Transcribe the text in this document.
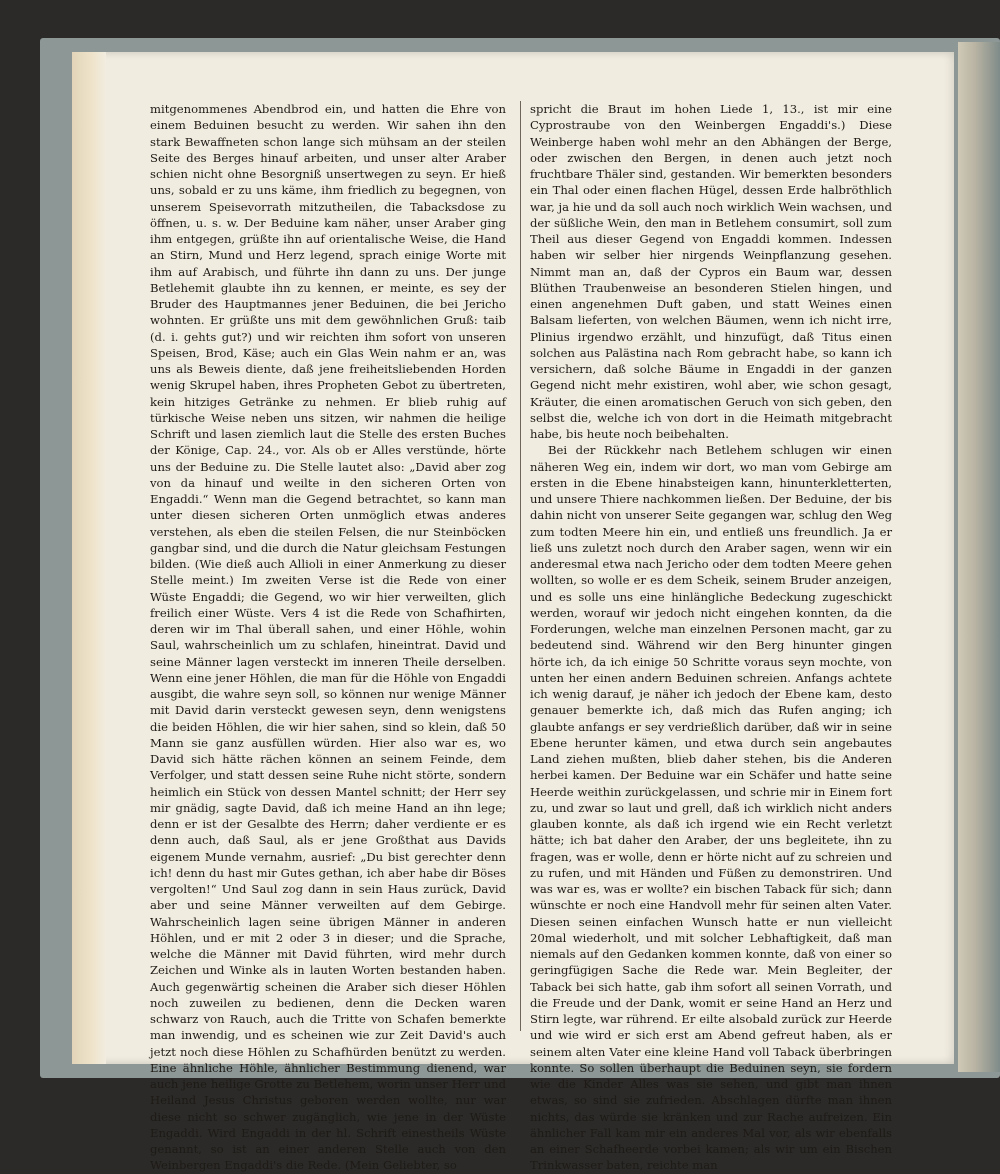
mitgenommenes Abendbrod ein, und hatten die Ehre von einem Beduinen besucht zu werden. Wir sahen ihn den stark Bewaffneten schon lange sich mühsam an der steilen Seite des Berges hinauf arbeiten, und unser alter Araber schien nicht ohne Besorgniß unsertwegen zu seyn. Er hieß uns, sobald er zu uns käme, ihm friedlich zu begegnen, von unserem Speisevorrath mitzutheilen, die Tabacksdose zu öffnen, u. s. w. Der Beduine kam näher, unser Araber ging ihm entgegen, grüßte ihn auf orientalische Weise, die Hand an Stirn, Mund und Herz legend, sprach einige Worte mit ihm auf Arabisch, und führte ihn dann zu uns. Der junge Betlehemit glaubte ihn zu kennen, er meinte, es sey der Bruder des Hauptmannes jener Beduinen, die bei Jericho wohnten. Er grüßte uns mit dem gewöhnlichen Gruß: taib (d. i. gehts gut?) und wir reichten ihm sofort von unseren Speisen, Brod, Käse; auch ein Glas Wein nahm er an, was uns als Beweis diente, daß jene freiheitsliebenden Horden wenig Skrupel haben, ihres Propheten Gebot zu übertreten, kein hitziges Getränke zu nehmen. Er blieb ruhig auf türkische Weise neben uns sitzen, wir nahmen die heilige Schrift und lasen ziemlich laut die Stelle des ersten Buches der Könige, Cap. 24., vor. Als ob er Alles verstünde, hörte uns der Beduine zu. Die Stelle lautet also: „David aber zog von da hinauf und weilte in den sicheren Orten von Engaddi.“ Wenn man die Gegend betrachtet, so kann man unter diesen sicheren Orten unmöglich etwas anderes verstehen, als eben die steilen Felsen, die nur Steinböcken gangbar sind, und die durch die Natur gleichsam Festungen bilden. (Wie dieß auch Allioli in einer Anmerkung zu dieser Stelle meint.) Im zweiten Verse ist die Rede von einer Wüste Engaddi; die Gegend, wo wir hier verweilten, glich freilich einer Wüste. Vers 4 ist die Rede von Schafhirten, deren wir im Thal überall sahen, und einer Höhle, wohin Saul, wahrscheinlich um zu schlafen, hineintrat. David und seine Männer lagen versteckt im inneren Theile derselben. Wenn eine jener Höhlen, die man für die Höhle von Engaddi ausgibt, die wahre seyn soll, so können nur wenige Männer mit David darin versteckt gewesen seyn, denn wenigstens die beiden Höhlen, die wir hier sahen, sind so klein, daß 50 Mann sie ganz ausfüllen würden. Hier also war es, wo David sich hätte rächen können an seinem Feinde, dem Verfolger, und statt dessen seine Ruhe nicht störte, sondern heimlich ein Stück von dessen Mantel schnitt; der Herr sey mir gnädig, sagte David, daß ich meine Hand an ihn lege; denn er ist der Gesalbte des Herrn; daher verdiente er es denn auch, daß Saul, als er jene Großthat aus Davids eigenem Munde vernahm, ausrief: „Du bist gerechter denn ich! denn du hast mir Gutes gethan, ich aber habe dir Böses vergolten!“ Und Saul zog dann in sein Haus zurück, David aber und seine Männer verweilten auf dem Gebirge. Wahrscheinlich lagen seine übrigen Männer in anderen Höhlen, und er mit 2 oder 3 in dieser; und die Sprache, welche die Männer mit David führten, wird mehr durch Zeichen und Winke als in lauten Worten bestanden haben. Auch gegenwärtig scheinen die Araber sich dieser Höhlen noch zuweilen zu bedienen, denn die Decken waren schwarz von Rauch, auch die Tritte von Schafen bemerkte man inwendig, und es scheinen wie zur Zeit David's auch jetzt noch diese Höhlen zu Schafhürden benützt zu werden. Eine ähnliche Höhle, ähnlicher Bestimmung dienend, war auch jene heilige Grotte zu Betlehem, worin unser Herr und Heiland Jesus Christus geboren werden wollte, nur war diese nicht so schwer zugänglich, wie jene in der Wüste Engaddi. Wird Engaddi in der hl. Schrift einestheils Wüste genannt, so ist an einer anderen Stelle auch von den Weinbergen Engaddi's die Rede. (Mein Geliebter, so

spricht die Braut im hohen Liede 1, 13., ist mir eine Cyprostraube von den Weinbergen Engaddi's.) Diese Weinberge haben wohl mehr an den Abhängen der Berge, oder zwischen den Bergen, in denen auch jetzt noch fruchtbare Thäler sind, gestanden. Wir bemerkten besonders ein Thal oder einen flachen Hügel, dessen Erde halbröthlich war, ja hie und da soll auch noch wirklich Wein wachsen, und der süßliche Wein, den man in Betlehem consumirt, soll zum Theil aus dieser Gegend von Engaddi kommen. Indessen haben wir selber hier nirgends Weinpflanzung gesehen. Nimmt man an, daß der Cypros ein Baum war, dessen Blüthen Traubenweise an besonderen Stielen hingen, und einen angenehmen Duft gaben, und statt Weines einen Balsam lieferten, von welchen Bäumen, wenn ich nicht irre, Plinius irgendwo erzählt, und hinzufügt, daß Titus einen solchen aus Palästina nach Rom gebracht habe, so kann ich versichern, daß solche Bäume in Engaddi in der ganzen Gegend nicht mehr existiren, wohl aber, wie schon gesagt, Kräuter, die einen aromatischen Geruch von sich geben, den selbst die, welche ich von dort in die Heimath mitgebracht habe, bis heute noch beibehalten.

Bei der Rückkehr nach Betlehem schlugen wir einen näheren Weg ein, indem wir dort, wo man vom Gebirge am ersten in die Ebene hinabsteigen kann, hinunterkletterten, und unsere Thiere nachkommen ließen. Der Beduine, der bis dahin nicht von unserer Seite gegangen war, schlug den Weg zum todten Meere hin ein, und entließ uns freundlich. Ja er ließ uns zuletzt noch durch den Araber sagen, wenn wir ein anderesmal etwa nach Jericho oder dem todten Meere gehen wollten, so wolle er es dem Scheik, seinem Bruder anzeigen, und es solle uns eine hinlängliche Bedeckung zugeschickt werden, worauf wir jedoch nicht eingehen konnten, da die Forderungen, welche man einzelnen Personen macht, gar zu bedeutend sind. Während wir den Berg hinunter gingen hörte ich, da ich einige 50 Schritte voraus seyn mochte, von unten her einen andern Beduinen schreien. Anfangs achtete ich wenig darauf, je näher ich jedoch der Ebene kam, desto genauer bemerkte ich, daß mich das Rufen anging; ich glaubte anfangs er sey verdrießlich darüber, daß wir in seine Ebene herunter kämen, und etwa durch sein angebautes Land ziehen mußten, blieb daher stehen, bis die Anderen herbei kamen. Der Beduine war ein Schäfer und hatte seine Heerde weithin zurückgelassen, und schrie mir in Einem fort zu, und zwar so laut und grell, daß ich wirklich nicht anders glauben konnte, als daß ich irgend wie ein Recht verletzt hätte; ich bat daher den Araber, der uns begleitete, ihn zu fragen, was er wolle, denn er hörte nicht auf zu schreien und zu rufen, und mit Händen und Füßen zu demonstriren. Und was war es, was er wollte? ein bischen Taback für sich; dann wünschte er noch eine Handvoll mehr für seinen alten Vater. Diesen seinen einfachen Wunsch hatte er nun vielleicht 20mal wiederholt, und mit solcher Lebhaftigkeit, daß man niemals auf den Gedanken kommen konnte, daß von einer so geringfügigen Sache die Rede war. Mein Begleiter, der Taback bei sich hatte, gab ihm sofort all seinen Vorrath, und die Freude und der Dank, womit er seine Hand an Herz und Stirn legte, war rührend. Er eilte alsobald zurück zur Heerde und wie wird er sich erst am Abend gefreut haben, als er seinem alten Vater eine kleine Hand voll Taback überbringen konnte. So sollen überhaupt die Beduinen seyn, sie fordern wie die Kinder Alles was sie sehen, und gibt man ihnen etwas, so sind sie zufrieden. Abschlagen dürfte man ihnen nichts, das würde sie kränken und zur Rache aufreizen. Ein ähnlicher Fall kam mir ein anderes Mal vor, als wir ebenfalls an einer Schafheerde vorbei kamen; als wir um ein Bischen Trinkwasser baten, reichte man
